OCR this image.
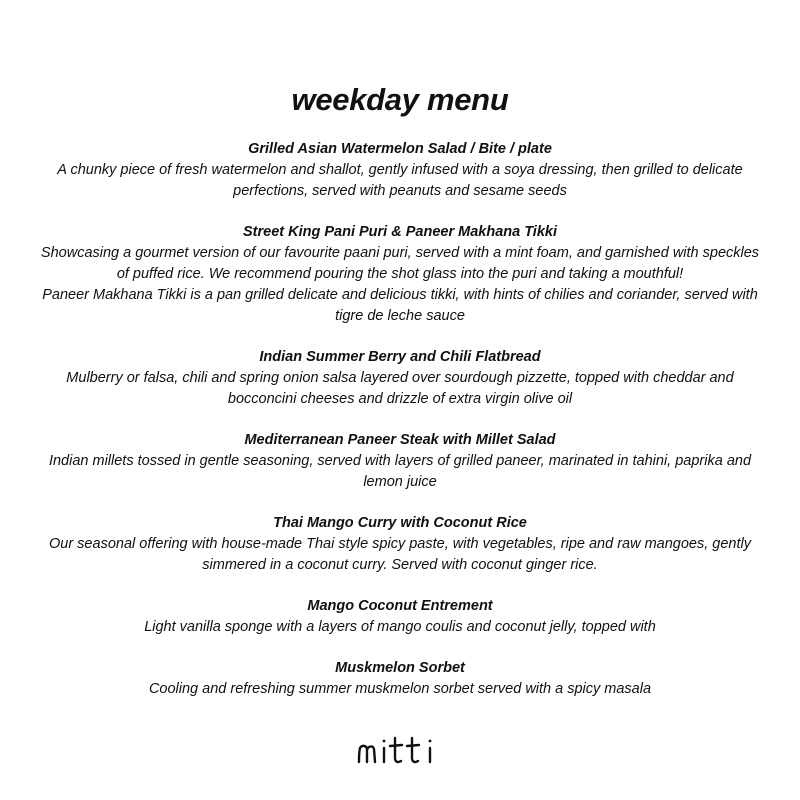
weekday menu
Grilled Asian Watermelon Salad / Bite / plate
A chunky piece of fresh watermelon and shallot, gently infused with a soya dressing, then grilled to delicate perfections, served with peanuts and sesame seeds
Street King Pani Puri & Paneer Makhana Tikki
Showcasing a gourmet version of our favourite paani puri, served with a mint foam, and garnished with speckles of puffed rice. We recommend pouring the shot glass into the puri and taking a mouthful!
Paneer Makhana Tikki is a pan grilled delicate and delicious tikki, with hints of chilies and coriander, served with tigre de leche sauce
Indian Summer Berry and Chili Flatbread
Mulberry or falsa, chili and spring onion salsa layered over sourdough pizzette, topped with cheddar and bocconcini cheeses and drizzle of extra virgin olive oil
Mediterranean Paneer Steak with Millet Salad
Indian millets tossed in gentle seasoning, served with layers of grilled paneer, marinated in tahini, paprika and lemon juice
Thai Mango Curry with Coconut Rice
Our seasonal offering with house-made Thai style spicy paste, with vegetables, ripe and raw mangoes, gently simmered in a coconut curry. Served with coconut ginger rice.
Mango Coconut Entrement
Light vanilla sponge with a layers of mango coulis and coconut jelly, topped with
Muskmelon Sorbet
Cooling and refreshing summer muskmelon sorbet served with a spicy masala
